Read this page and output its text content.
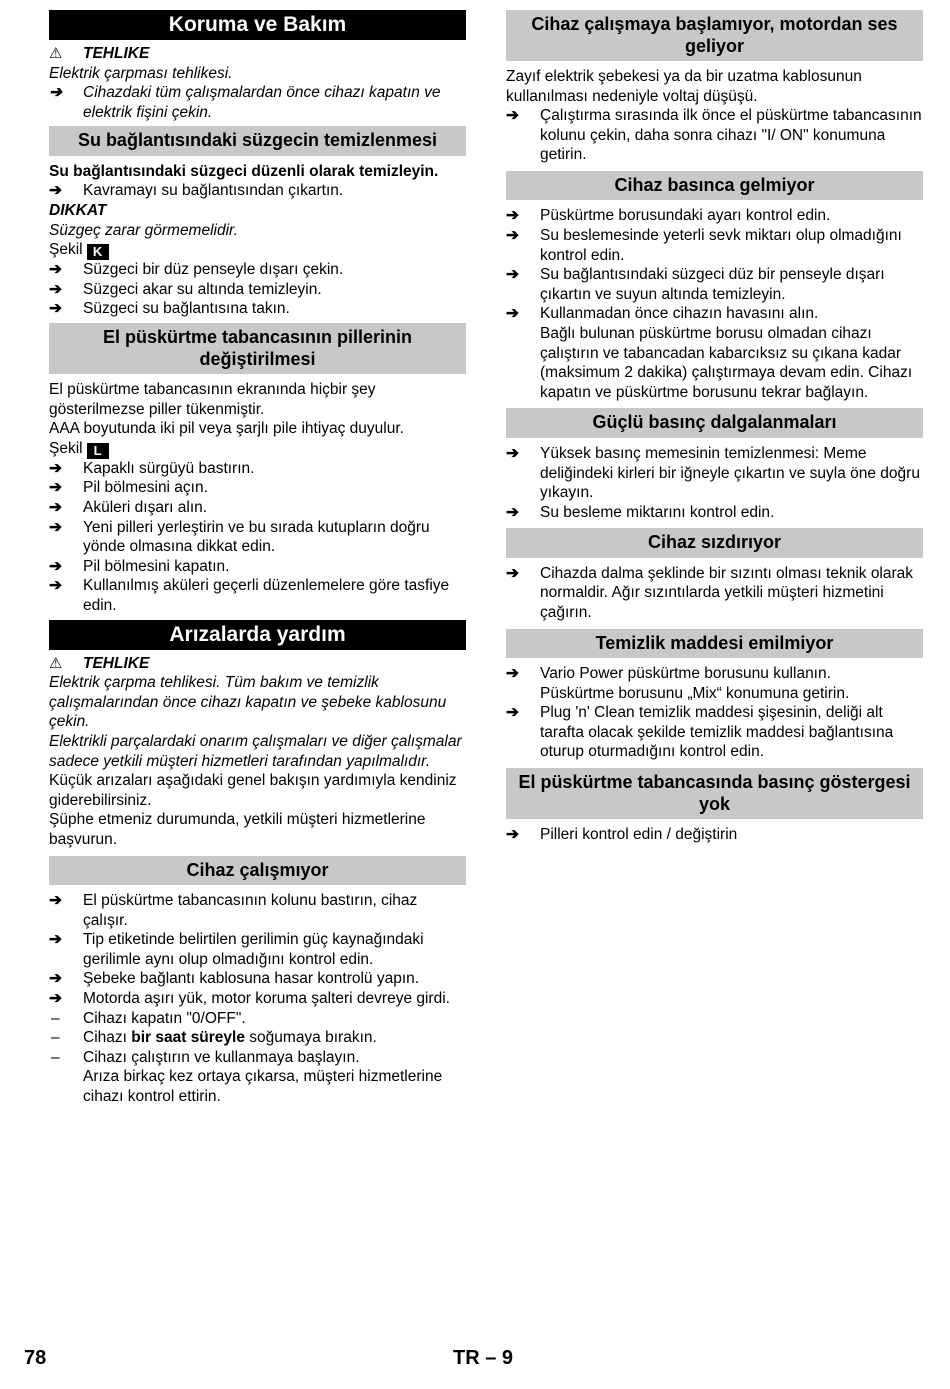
Koruma ve Bakım
⚠	TEHLIKE

Elektrik çarpması tehlikesi.

➔	Cihazdaki tüm çalışmalardan önce cihazı kapatın ve elektrik fişini çekin.
Su bağlantısındaki süzgecin temizlenmesi

Su bağlantısındaki süzgeci düzenli olarak temizleyin.

➔	Kavramayı su bağlantısından çıkartın.

DIKKAT

Süzgeç zarar görmemelidir.

Şekil K

➔	Süzgeci bir düz penseyle dışarı çekin.
➔	Süzgeci akar su altında temizleyin.
➔	Süzgeci su bağlantısına takın.
El püskürtme tabancasının pillerinin değiştirilmesi

El püskürtme tabancasının ekranında hiçbir şey gösterilmezse piller tükenmiştir.

AAA boyutunda iki pil veya şarjlı pile ihtiyaç duyulur.

Şekil L

➔	Kapaklı sürgüyü bastırın.
➔	Pil bölmesini açın.
➔	Aküleri dışarı alın.
➔	Yeni pilleri yerleştirin ve bu sırada kutupların doğru yönde olmasına dikkat edin.
➔	Pil bölmesini kapatın.
➔	Kullanılmış aküleri geçerli düzenlemelere göre tasfiye edin.
Arızalarda yardım
⚠	TEHLIKE

Elektrik çarpma tehlikesi. Tüm bakım ve temizlik çalışmalarından önce cihazı kapatın ve şebeke kablosunu çekin.

Elektrikli parçalardaki onarım çalışmaları ve diğer çalışmalar sadece yetkili müşteri hizmetleri tarafından yapılmalıdır.

Küçük arızaları aşağıdaki genel bakışın yardımıyla kendiniz giderebilirsiniz.

Şüphe etmeniz durumunda, yetkili müşteri hizmetlerine başvurun.

Cihaz çalışmıyor
➔	El püskürtme tabancasının kolunu bastırın, cihaz çalışır.
➔	Tip etiketinde belirtilen gerilimin güç kaynağındaki gerilimle aynı olup olmadığını kontrol edin.
➔	Şebeke bağlantı kablosuna hasar kontrolü yapın.
➔	Motorda aşırı yük, motor koruma şalteri devreye girdi.
–	Cihazı kapatın "0/OFF".
–	Cihazı bir saat süreyle soğumaya bırakın.
–	Cihazı çalıştırın ve kullanmaya başlayın.
Arıza birkaç kez ortaya çıkarsa, müşteri hizmetlerine cihazı kontrol ettirin.
Cihaz çalışmaya başlamıyor, motordan ses geliyor

Zayıf elektrik şebekesi ya da bir uzatma kablosunun kullanılması nedeniyle voltaj düşüşü.

➔	Çalıştırma sırasında ilk önce el püskürtme tabancasının kolunu çekin, daha sonra cihazı "I/ ON" konumuna getirin.
Cihaz basınca gelmiyor
➔	Püskürtme borusundaki ayarı kontrol edin.
➔	Su beslemesinde yeterli sevk miktarı olup olmadığını kontrol edin.
➔	Su bağlantısındaki süzgeci düz bir penseyle dışarı çıkartın ve suyun altında temizleyin.
➔	Kullanmadan önce cihazın havasını alın.
Bağlı bulunan püskürtme borusu olmadan cihazı çalıştırın ve tabancadan kabarcıksız su çıkana kadar (maksimum 2 dakika) çalıştırmaya devam edin. Cihazı kapatın ve püskürtme borusunu tekrar bağlayın.
Güçlü basınç dalgalanmaları
➔	Yüksek basınç memesinin temizlenmesi: Meme deliğindeki kirleri bir iğneyle çıkartın ve suyla öne doğru yıkayın.
➔	Su besleme miktarını kontrol edin.
Cihaz sızdırıyor
➔	Cihazda dalma şeklinde bir sızıntı olması teknik olarak normaldir. Ağır sızıntılarda yetkili müşteri hizmetini çağırın.
Temizlik maddesi emilmiyor
➔	Vario Power püskürtme borusunu kullanın.
Püskürtme borusunu „Mix“ konumuna getirin.
➔	Plug 'n' Clean temizlik maddesi şişesinin, deliği alt tarafta olacak şekilde temizlik maddesi bağlantısına oturup oturmadığını kontrol edin.
El püskürtme tabancasında basınç göstergesi yok
➔	Pilleri kontrol edin / değiştirin
78	TR – 9
